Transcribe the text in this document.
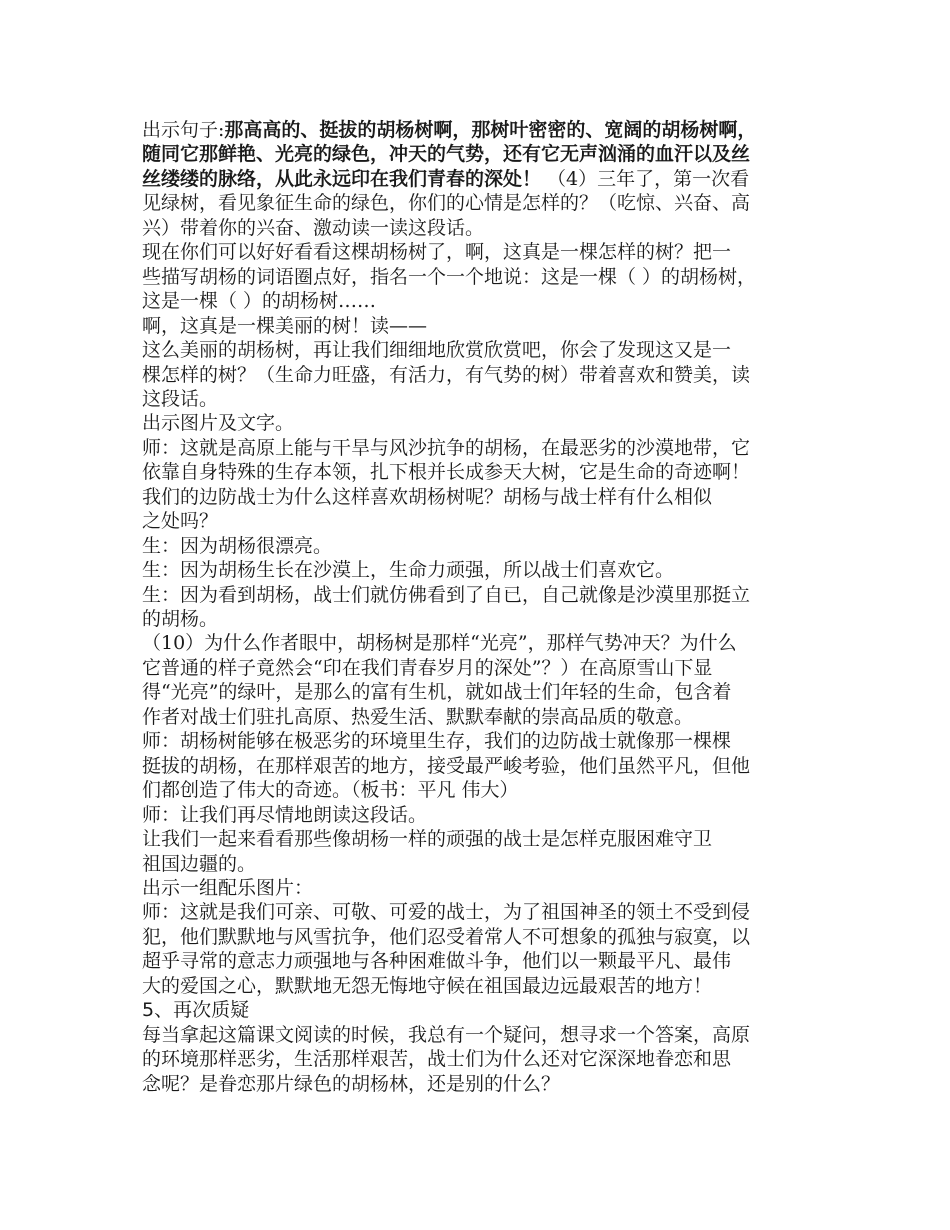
出示句子:那高高的、挺拔的胡杨树啊，那树叶密密的、宽阔的胡杨树啊，
随同它那鲜艳、光亮的绿色，冲天的气势，还有它无声汹涌的血汗以及丝
丝缕缕的脉络，从此永远印在我们青春的深处！ （4）三年了，第一次看
见绿树，看见象征生命的绿色，你们的心情是怎样的？（吃惊、兴奋、高
兴）带着你的兴奋、激动读一读这段话。
现在你们可以好好看看这棵胡杨树了，啊，这真是一棵怎样的树？把一
些描写胡杨的词语圈点好，指名一个一个地说：这是一棵（ ）的胡杨树，
这是一棵（ ）的胡杨树……
啊，这真是一棵美丽的树！读——
这么美丽的胡杨树，再让我们细细地欣赏欣赏吧，你会了发现这又是一
棵怎样的树？（生命力旺盛，有活力，有气势的树）带着喜欢和赞美，读
这段话。
出示图片及文字。
师：这就是高原上能与干旱与风沙抗争的胡杨，在最恶劣的沙漠地带，它
依靠自身特殊的生存本领，扎下根并长成参天大树，它是生命的奇迹啊！
我们的边防战士为什么这样喜欢胡杨树呢？胡杨与战士样有什么相似
之处吗？
生：因为胡杨很漂亮。
生：因为胡杨生长在沙漠上，生命力顽强，所以战士们喜欢它。
生：因为看到胡杨，战士们就仿佛看到了自已，自己就像是沙漠里那挺立
的胡杨。
（10）为什么作者眼中，胡杨树是那样“光亮”，那样气势冲天？为什么
它普通的样子竟然会“印在我们青春岁月的深处”？）在高原雪山下显
得“光亮”的绿叶，是那么的富有生机，就如战士们年轻的生命，包含着
作者对战士们驻扎高原、热爱生活、默默奉献的崇高品质的敬意。
师：胡杨树能够在极恶劣的环境里生存，我们的边防战士就像那一棵棵
挺拔的胡杨，在那样艰苦的地方，接受最严峻考验，他们虽然平凡，但他
们都创造了伟大的奇迹。（板书：平凡 伟大）
师：让我们再尽情地朗读这段话。
让我们一起来看看那些像胡杨一样的顽强的战士是怎样克服困难守卫
祖国边疆的。
出示一组配乐图片：
师：这就是我们可亲、可敬、可爱的战士，为了祖国神圣的领土不受到侵
犯，他们默默地与风雪抗争，他们忍受着常人不可想象的孤独与寂寞，以
超乎寻常的意志力顽强地与各种困难做斗争，他们以一颗最平凡、最伟
大的爱国之心，默默地无怨无悔地守候在祖国最边远最艰苦的地方！
5、再次质疑
每当拿起这篇课文阅读的时候，我总有一个疑问，想寻求一个答案，高原
的环境那样恶劣，生活那样艰苦，战士们为什么还对它深深地眷恋和思
念呢？是眷恋那片绿色的胡杨林，还是别的什么？
